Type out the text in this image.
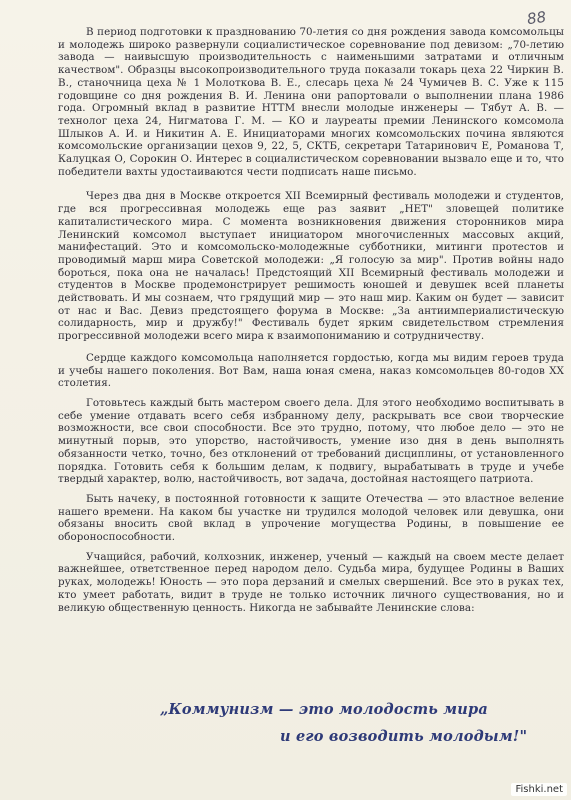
88

В период подготовки к празднованию 70-летия со дня рождения завода комсомольцы и молодежь широко развернули социалистическое соревнование под девизом: „70-летию завода — наивысшую производительность с наименьшими затратами и отличным качеством". Образцы высокопроизводительного труда показали токарь цеха 22 Чиркин В. В., станочница цеха № 1 Молоткова В. Е., слесарь цеха № 24 Чумичев В. С. Уже к 115 годовщине со дня рождения В. И. Ленина они рапортовали о выполнении плана 1986 года. Огромный вклад в развитие НТТМ внесли молодые инженеры — Тябут А. В. — технолог цеха 24, Нигматова Г. М. — КО и лауреаты премии Ленинского комсомола Шлыков А. И. и Никитин А. Е. Инициаторами многих комсомольских почина являются комсомольские организации цехов 9, 22, 5, СКТБ, секретари Татаринович Е, Романова Т, Калуцкая О, Сорокин О. Интерес в социалистическом соревновании вызвало еще и то, что победители вахты удостаиваются чести подписать наше письмо.

Через два дня в Москве откроется XII Всемирный фестиваль молодежи и студентов, где вся прогрессивная молодежь еще раз заявит „НЕТ" зловещей политике капиталистического мира. С момента возникновения движения сторонников мира Ленинский комсомол выступает инициатором многочисленных массовых акций, манифестаций. Это и комсомольско-молодежные субботники, митинги протестов и проводимый марш мира Советской молодежи: „Я голосую за мир". Против войны надо бороться, пока она не началась! Предстоящий XII Всемирный фестиваль молодежи и студентов в Москве продемонстрирует решимость юношей и девушек всей планеты действовать. И мы сознаем, что грядущий мир — это наш мир. Каким он будет — зависит от нас и Вас. Девиз предстоящего форума в Москве: „За антиимпериалистическую солидарность, мир и дружбу!" Фестиваль будет ярким свидетельством стремления прогрессивной молодежи всего мира к взаимопониманию и сотрудничеству.

Сердце каждого комсомольца наполняется гордостью, когда мы видим героев труда и учебы нашего поколения. Вот Вам, наша юная смена, наказ комсомольцев 80-годов XX столетия.

Готовьтесь каждый быть мастером своего дела. Для этого необходимо воспитывать в себе умение отдавать всего себя избранному делу, раскрывать все свои творческие возможности, все свои способности. Все это трудно, потому, что любое дело — это не минутный порыв, это упорство, настойчивость, умение изо дня в день выполнять обязанности четко, точно, без отклонений от требований дисциплины, от установленного порядка. Готовить себя к большим делам, к подвигу, вырабатывать в труде и учебе твердый характер, волю, настойчивость, вот задача, достойная настоящего патриота.

Быть начеку, в постоянной готовности к защите Отечества — это властное веление нашего времени. На каком бы участке ни трудился молодой человек или девушка, они обязаны вносить свой вклад в упрочение могущества Родины, в повышение ее обороноспособности.

Учащийся, рабочий, колхозник, инженер, ученый — каждый на своем месте делает важнейшее, ответственное перед народом дело. Судьба мира, будущее Родины в Ваших руках, молодежь! Юность — это пора дерзаний и смелых свершений. Все это в руках тех, кто умеет работать, видит в труде не только источник личного существования, но и великую общественную ценность. Никогда не забывайте Ленинские слова:

„Коммунизм — это молодость мира
и его возводить молодым!"
Fishki.net
